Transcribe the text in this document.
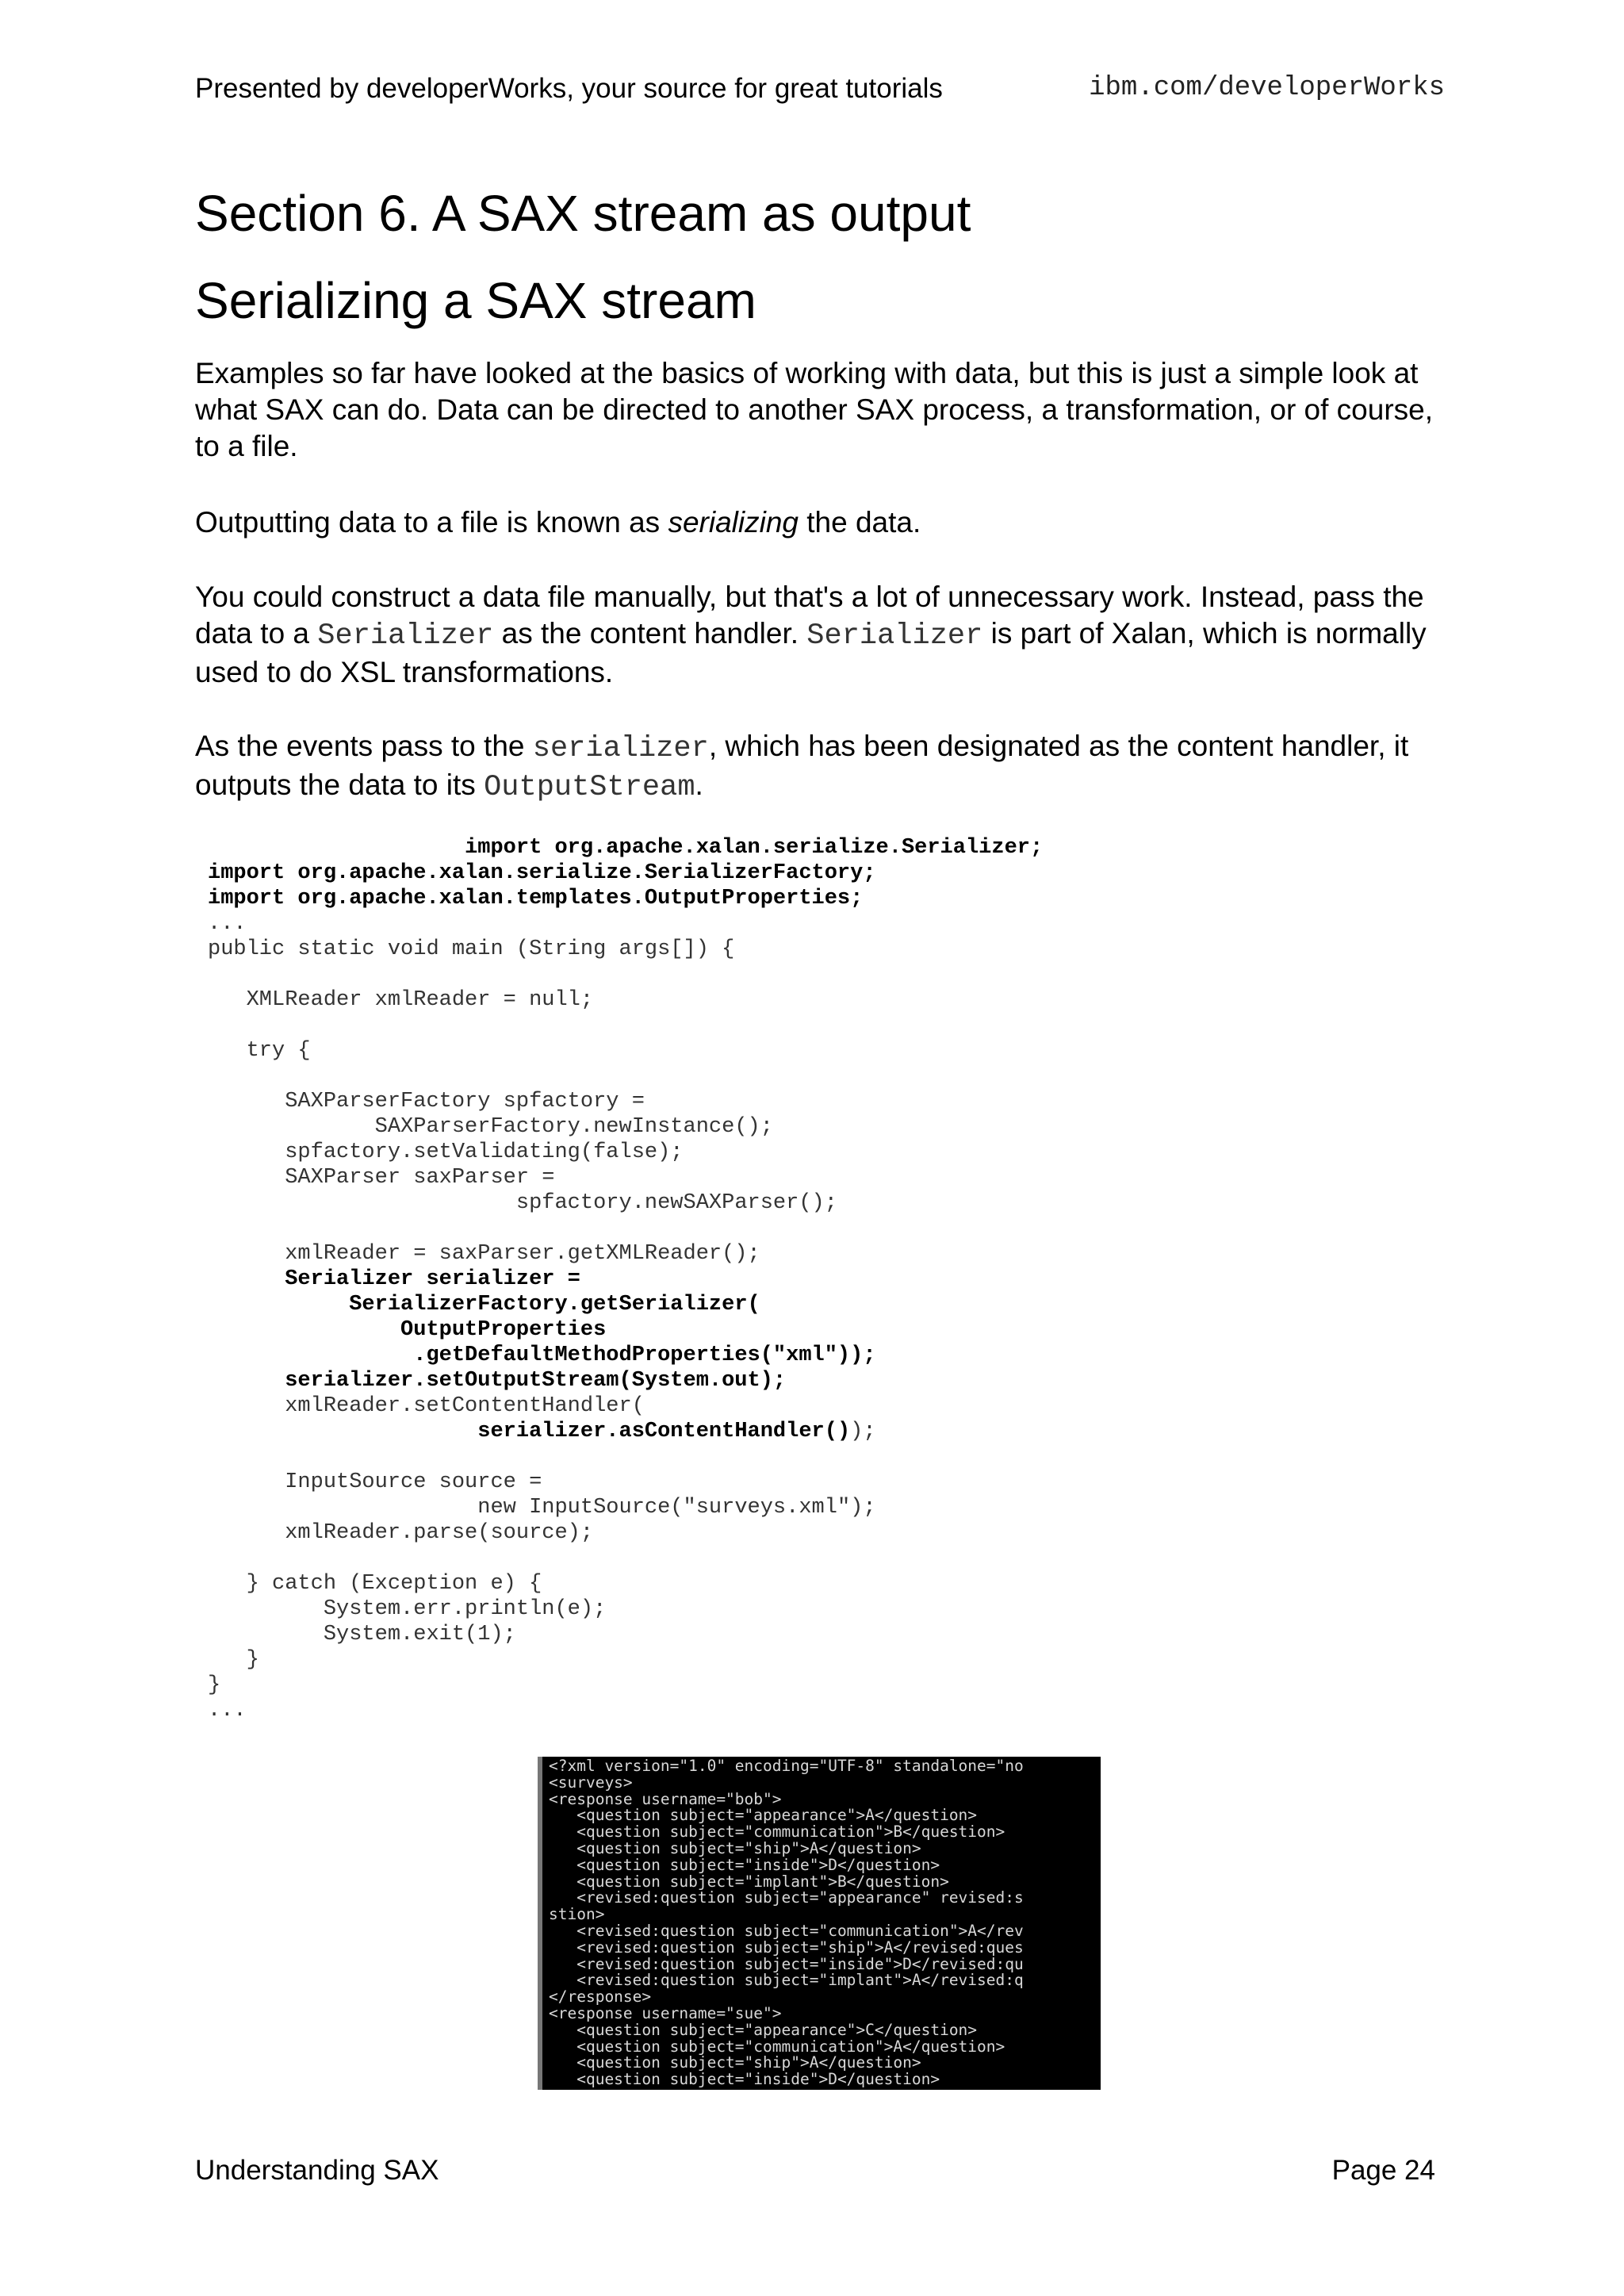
Presented by developerWorks, your source for great tutorials	ibm.com/developerWorks
Section 6. A SAX stream as output
Serializing a SAX stream
Examples so far have looked at the basics of working with data, but this is just a simple look at what SAX can do. Data can be directed to another SAX process, a transformation, or of course, to a file.
Outputting data to a file is known as serializing the data.
You could construct a data file manually, but that's a lot of unnecessary work. Instead, pass the data to a Serializer as the content handler. Serializer is part of Xalan, which is normally used to do XSL transformations.
As the events pass to the serializer, which has been designated as the content handler, it outputs the data to its OutputStream.
import org.apache.xalan.serialize.Serializer;
import org.apache.xalan.serialize.SerializerFactory;
import org.apache.xalan.templates.OutputProperties;
...
public static void main (String args[]) {

XMLReader xmlReader = null;

try {

SAXParserFactory spfactory =
SAXParserFactory.newInstance();
spfactory.setValidating(false);
SAXParser saxParser =
spfactory.newSAXParser();

xmlReader = saxParser.getXMLReader();
Serializer serializer =
SerializerFactory.getSerializer(
OutputProperties
.getDefaultMethodProperties("xml"));
serializer.setOutputStream(System.out);
xmlReader.setContentHandler(
serializer.asContentHandler());

InputSource source =
new InputSource("surveys.xml");
xmlReader.parse(source);

} catch (Exception e) {
System.err.println(e);
System.exit(1);
}
}
...
<?xml version="1.0" encoding="UTF-8" standalone="no
<surveys>
<response username="bob">
<question subject="appearance">A</question>
<question subject="communication">B</question>
<question subject="ship">A</question>
<question subject="inside">D</question>
<question subject="implant">B</question>
<revised:question subject="appearance" revised:s
stion>
<revised:question subject="communication">A</rev
<revised:question subject="ship">A</revised:ques
<revised:question subject="inside">D</revised:qu
<revised:question subject="implant">A</revised:q
</response>
<response username="sue">
<question subject="appearance">C</question>
<question subject="communication">A</question>
<question subject="ship">A</question>
<question subject="inside">D</question>
Understanding SAX	Page 24
